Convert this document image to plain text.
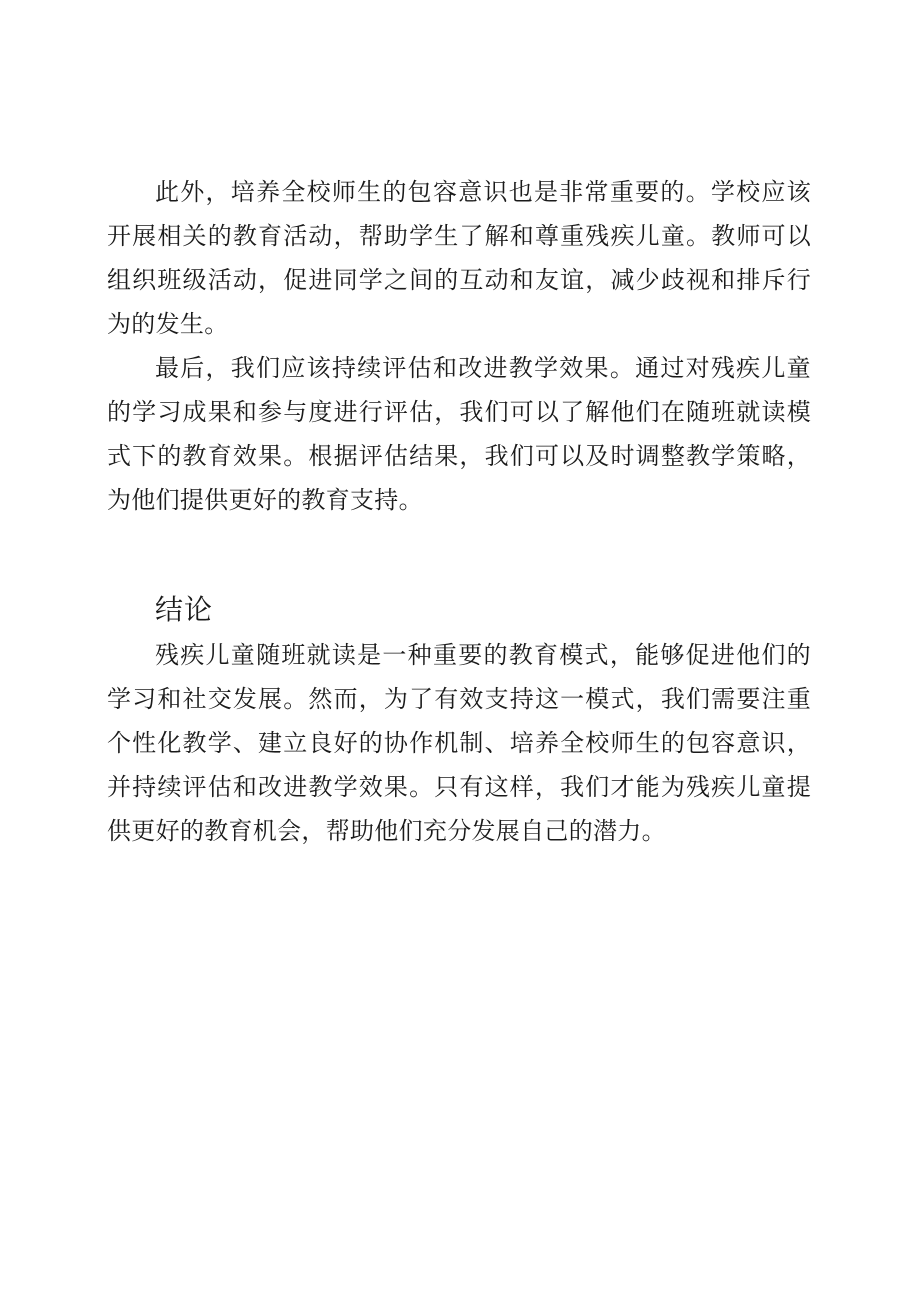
此外，培养全校师生的包容意识也是非常重要的。学校应该开展相关的教育活动，帮助学生了解和尊重残疾儿童。教师可以组织班级活动，促进同学之间的互动和友谊，减少歧视和排斥行为的发生。

最后，我们应该持续评估和改进教学效果。通过对残疾儿童的学习成果和参与度进行评估，我们可以了解他们在随班就读模式下的教育效果。根据评估结果，我们可以及时调整教学策略，为他们提供更好的教育支持。

结论

残疾儿童随班就读是一种重要的教育模式，能够促进他们的学习和社交发展。然而，为了有效支持这一模式，我们需要注重个性化教学、建立良好的协作机制、培养全校师生的包容意识，并持续评估和改进教学效果。只有这样，我们才能为残疾儿童提供更好的教育机会，帮助他们充分发展自己的潜力。
